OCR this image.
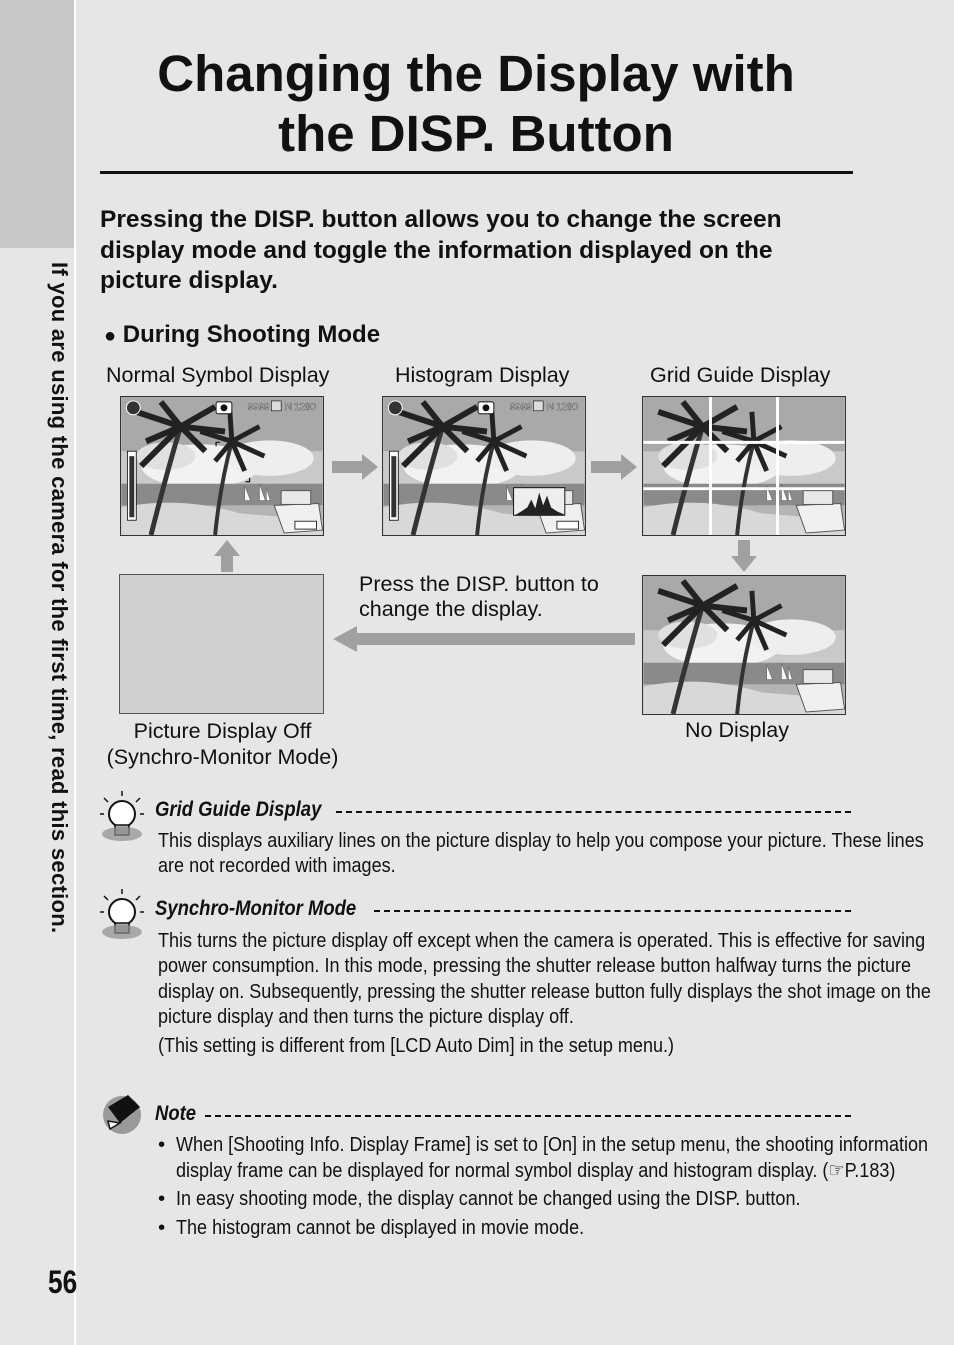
If you are using the camera for the first time, read this section.
56
Changing the Display with
the DISP. Button
Pressing the DISP. button allows you to change the screen display mode and toggle the information displayed on the picture display.
● During Shooting Mode
Normal Symbol Display	Histogram Display	Grid Guide Display
9999 N 1280	9999 N 1280
Press the DISP. button to
change the display.
Picture Display Off
(Synchro-Monitor Mode)
No Display
Grid Guide Display

This displays auxiliary lines on the picture display to help you compose your picture. These lines are not recorded with images.

Synchro-Monitor Mode

This turns the picture display off except when the camera is operated. This is effective for saving power consumption. In this mode, pressing the shutter release button halfway turns the picture display on. Subsequently, pressing the shutter release button fully displays the shot image on the picture display and then turns the picture display off.

(This setting is different from [LCD Auto Dim] in the setup menu.)

Note
• When [Shooting Info. Display Frame] is set to [On] in the setup menu, the shooting information display frame can be displayed for normal symbol display and histogram display. (☞P.183)
• In easy shooting mode, the display cannot be changed using the DISP. button.
• The histogram cannot be displayed in movie mode.
